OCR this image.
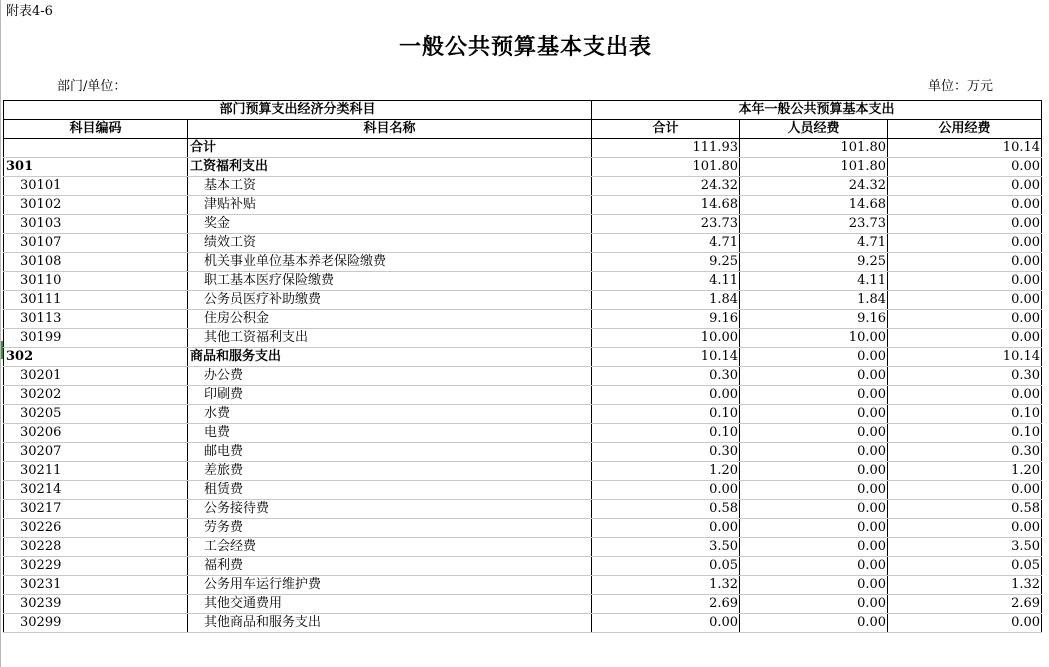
附表4-6
一般公共预算基本支出表
部门/单位：	单位：万元
部门预算支出经济分类科目		本年一般公共预算基本支出		
科目编码	科目名称	合计	人员经费	公用经费
	合计	111.93	101.80	10.14
301	工资福利支出	101.80	101.80	0.00
30101	基本工资	24.32	24.32	0.00
30102	津贴补贴	14.68	14.68	0.00
30103	奖金	23.73	23.73	0.00
30107	绩效工资	4.71	4.71	0.00
30108	机关事业单位基本养老保险缴费	9.25	9.25	0.00
30110	职工基本医疗保险缴费	4.11	4.11	0.00
30111	公务员医疗补助缴费	1.84	1.84	0.00
30113	住房公积金	9.16	9.16	0.00
30199	其他工资福利支出	10.00	10.00	0.00
302	商品和服务支出	10.14	0.00	10.14
30201	办公费	0.30	0.00	0.30
30202	印刷费	0.00	0.00	0.00
30205	水费	0.10	0.00	0.10
30206	电费	0.10	0.00	0.10
30207	邮电费	0.30	0.00	0.30
30211	差旅费	1.20	0.00	1.20
30214	租赁费	0.00	0.00	0.00
30217	公务接待费	0.58	0.00	0.58
30226	劳务费	0.00	0.00	0.00
30228	工会经费	3.50	0.00	3.50
30229	福利费	0.05	0.00	0.05
30231	公务用车运行维护费	1.32	0.00	1.32
30239	其他交通费用	2.69	0.00	2.69
30299	其他商品和服务支出	0.00	0.00	0.00
